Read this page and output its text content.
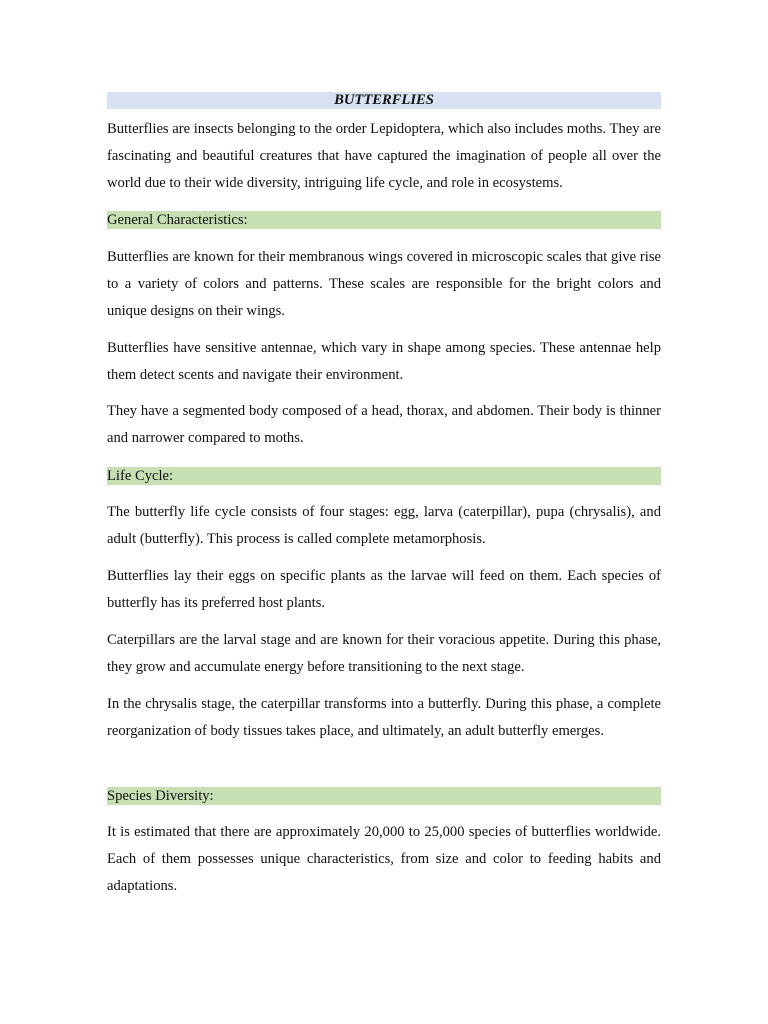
BUTTERFLIES

Butterflies are insects belonging to the order Lepidoptera, which also includes moths. They are fascinating and beautiful creatures that have captured the imagination of people all over the world due to their wide diversity, intriguing life cycle, and role in ecosystems.

General Characteristics:

Butterflies are known for their membranous wings covered in microscopic scales that give rise to a variety of colors and patterns. These scales are responsible for the bright colors and unique designs on their wings.

Butterflies have sensitive antennae, which vary in shape among species. These antennae help them detect scents and navigate their environment.

They have a segmented body composed of a head, thorax, and abdomen. Their body is thinner and narrower compared to moths.

Life Cycle:

The butterfly life cycle consists of four stages: egg, larva (caterpillar), pupa (chrysalis), and adult (butterfly). This process is called complete metamorphosis.

Butterflies lay their eggs on specific plants as the larvae will feed on them. Each species of butterfly has its preferred host plants.

Caterpillars are the larval stage and are known for their voracious appetite. During this phase, they grow and accumulate energy before transitioning to the next stage.

In the chrysalis stage, the caterpillar transforms into a butterfly. During this phase, a complete reorganization of body tissues takes place, and ultimately, an adult butterfly emerges.

Species Diversity:

It is estimated that there are approximately 20,000 to 25,000 species of butterflies worldwide. Each of them possesses unique characteristics, from size and color to feeding habits and adaptations.
